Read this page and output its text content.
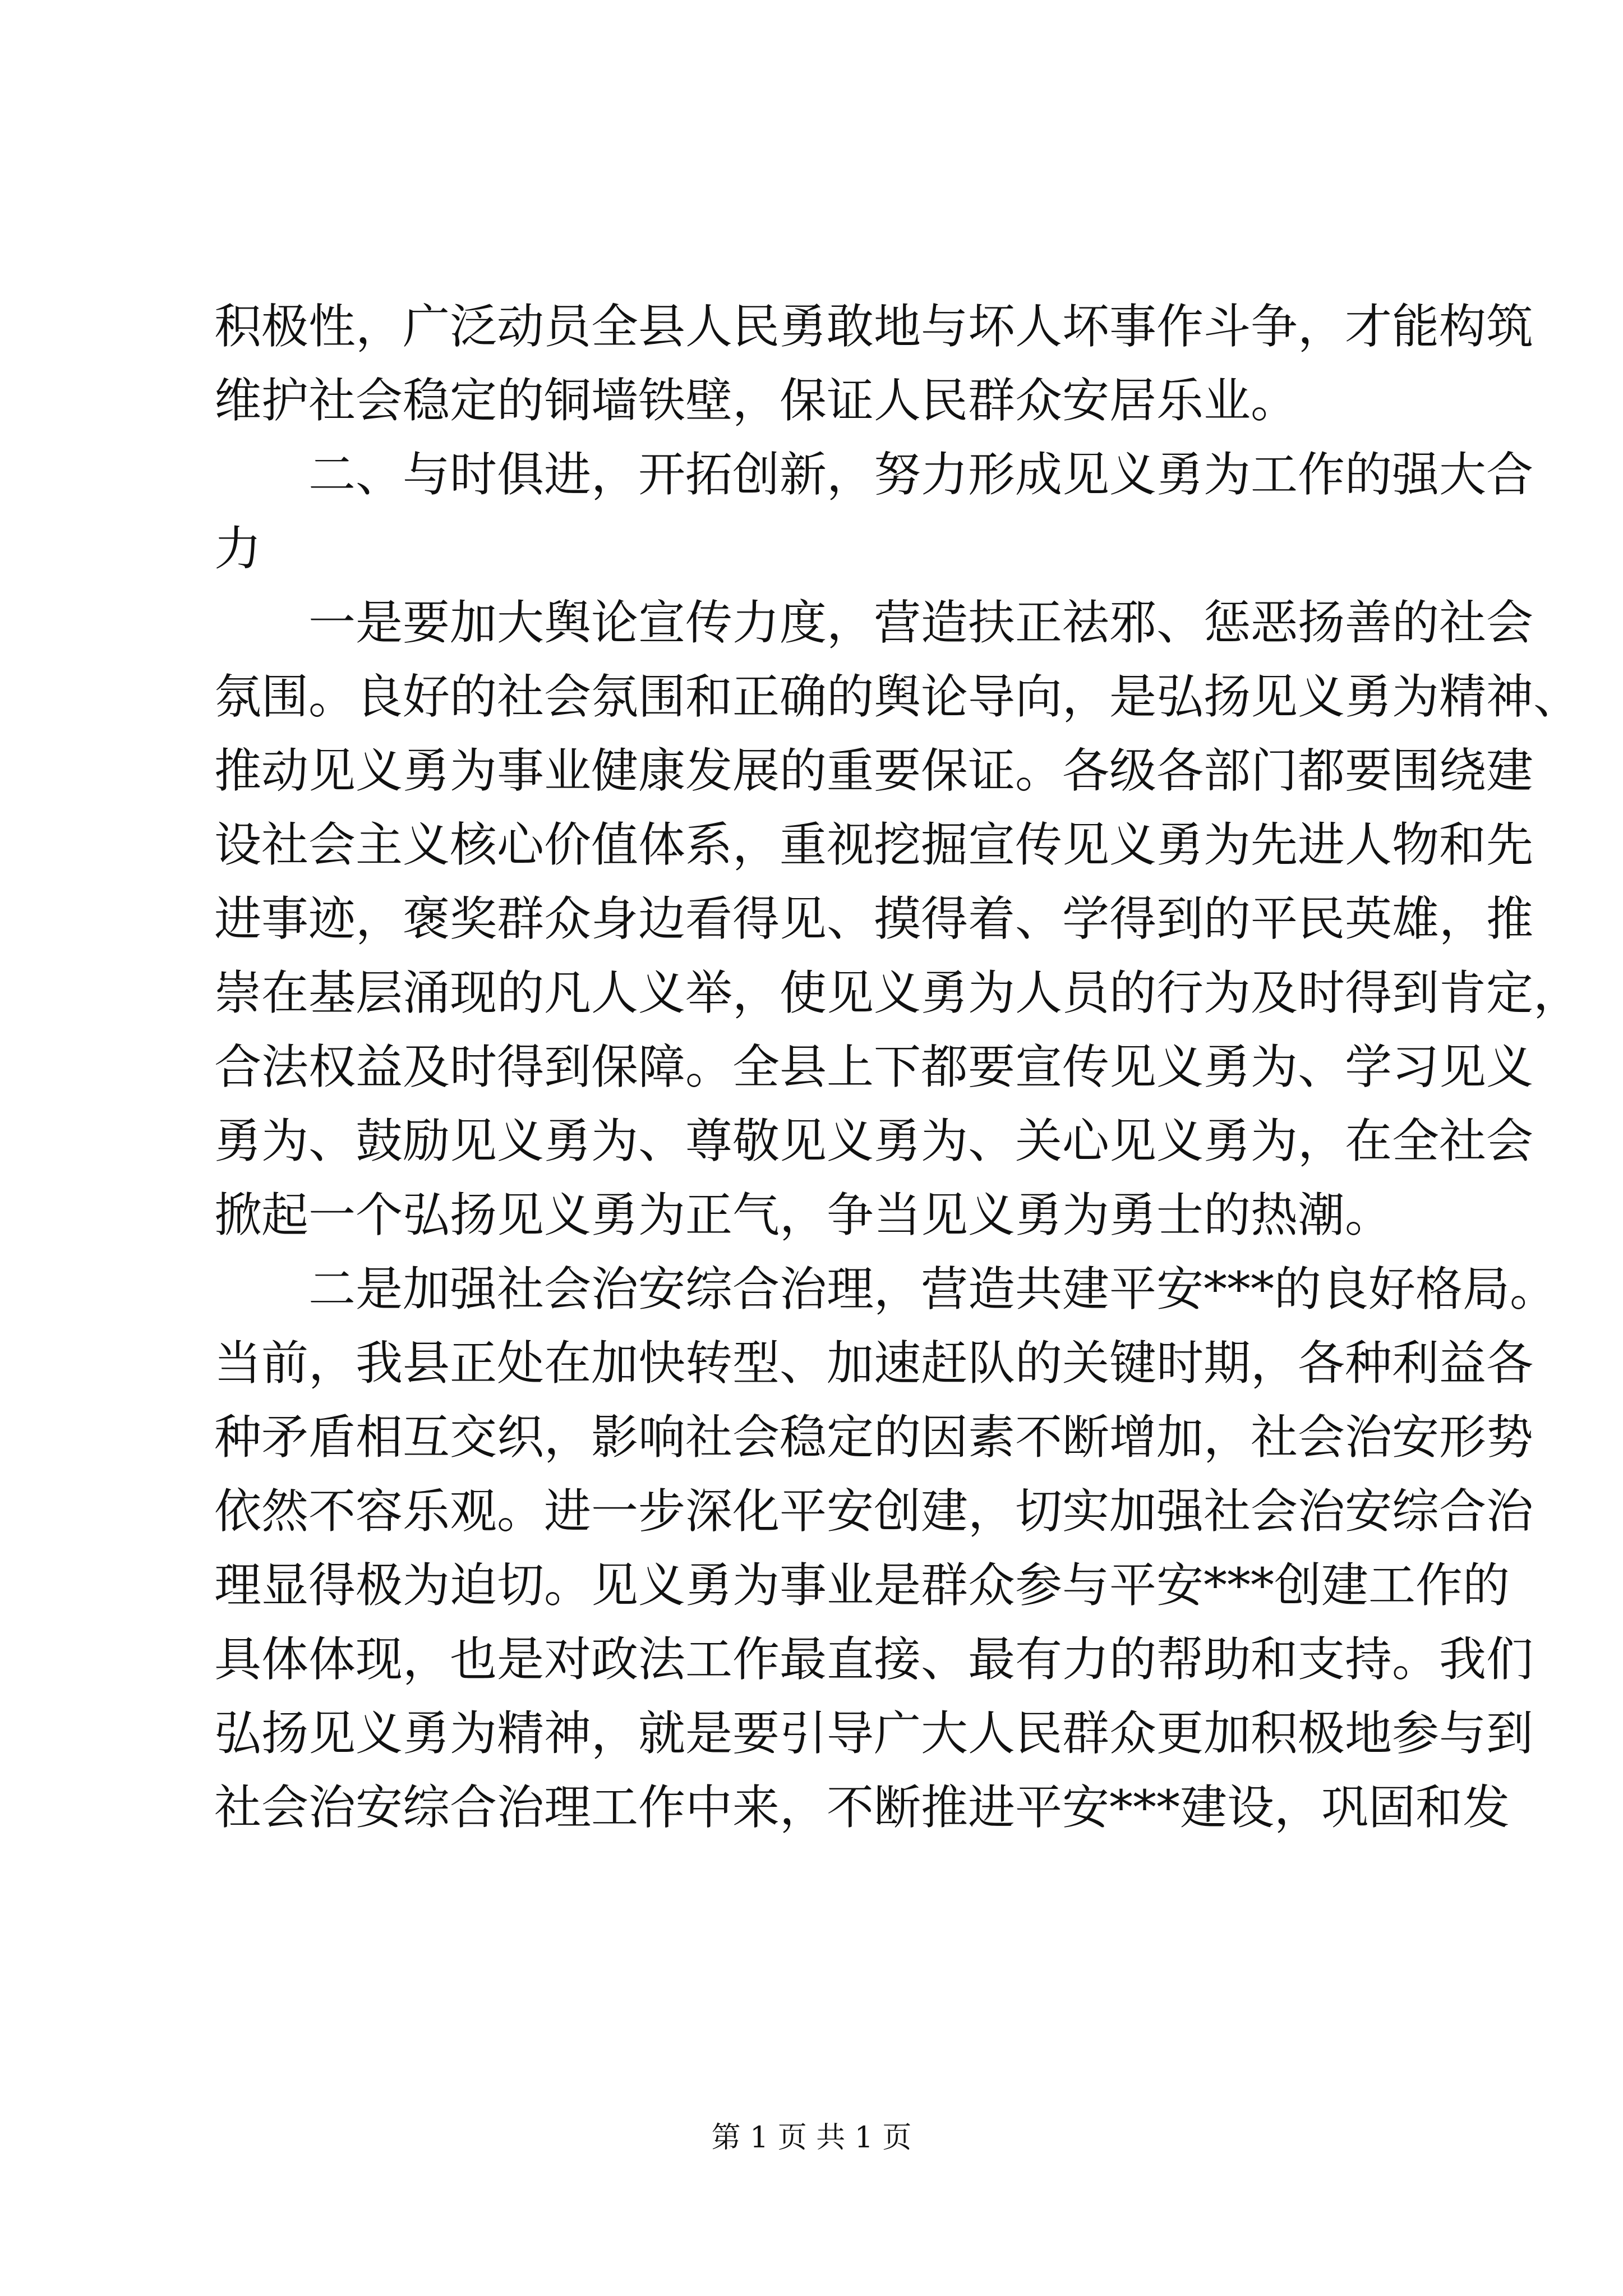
积极性，广泛动员全县人民勇敢地与坏人坏事作斗争，才能构筑
维护社会稳定的铜墙铁壁，保证人民群众安居乐业。
二、与时俱进，开拓创新，努力形成见义勇为工作的强大合
力
一是要加大舆论宣传力度，营造扶正祛邪、惩恶扬善的社会
氛围。良好的社会氛围和正确的舆论导向，是弘扬见义勇为精神、
推动见义勇为事业健康发展的重要保证。各级各部门都要围绕建
设社会主义核心价值体系，重视挖掘宣传见义勇为先进人物和先
进事迹，褒奖群众身边看得见、摸得着、学得到的平民英雄，推
崇在基层涌现的凡人义举，使见义勇为人员的行为及时得到肯定，
合法权益及时得到保障。全县上下都要宣传见义勇为、学习见义
勇为、鼓励见义勇为、尊敬见义勇为、关心见义勇为，在全社会
掀起一个弘扬见义勇为正气，争当见义勇为勇士的热潮。
二是加强社会治安综合治理，营造共建平安***的良好格局。
当前，我县正处在加快转型、加速赶队的关键时期，各种利益各
种矛盾相互交织，影响社会稳定的因素不断增加，社会治安形势
依然不容乐观。进一步深化平安创建，切实加强社会治安综合治
理显得极为迫切。见义勇为事业是群众参与平安***创建工作的
具体体现，也是对政法工作最直接、最有力的帮助和支持。我们
弘扬见义勇为精神，就是要引导广大人民群众更加积极地参与到
社会治安综合治理工作中来，不断推进平安***建设，巩固和发
第 1 页 共 1 页
